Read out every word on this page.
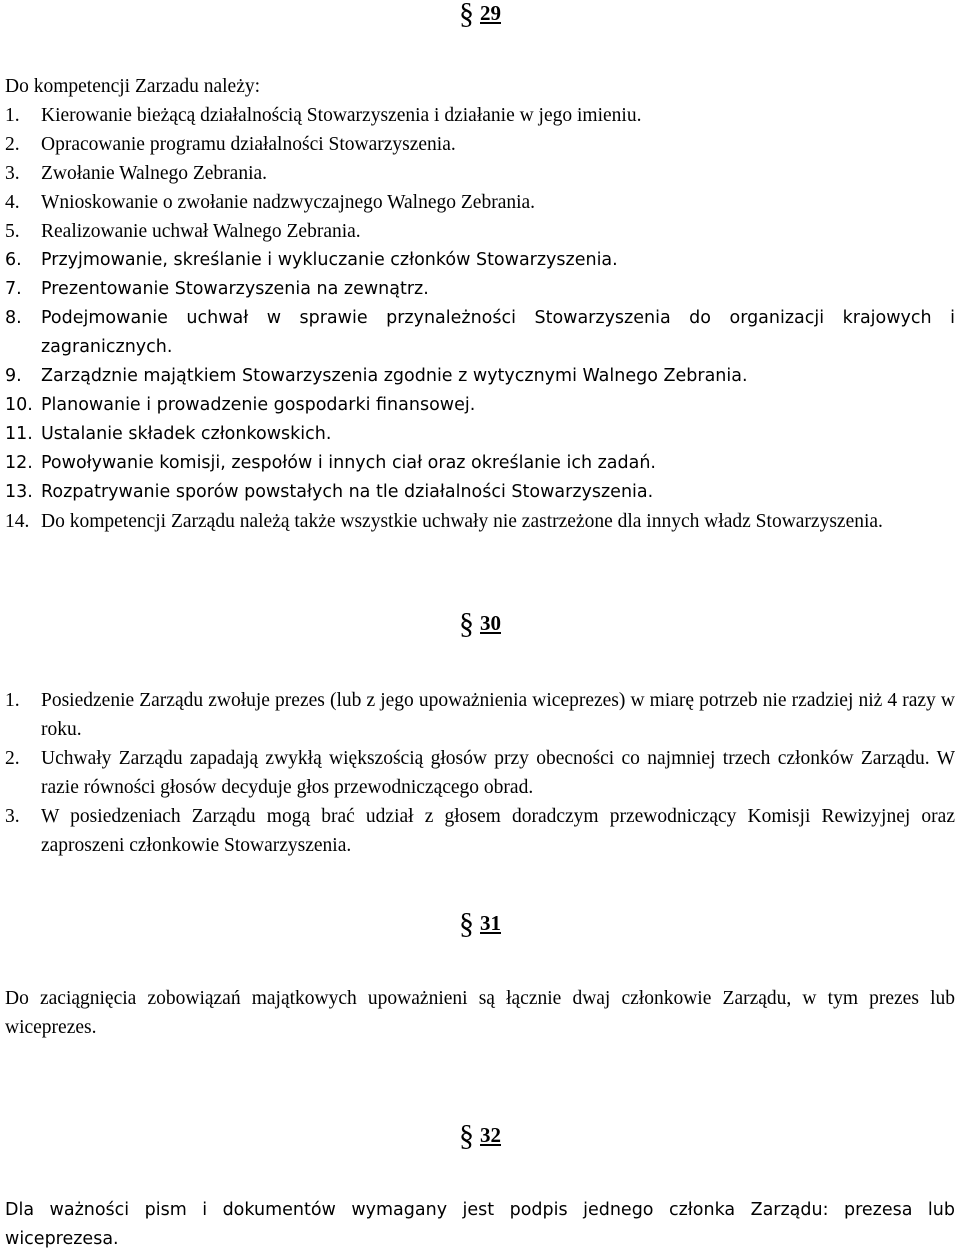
§ 29
Do kompetencji Zarzadu należy:
1.	Kierowanie bieżącą działalnością Stowarzyszenia i działanie w jego imieniu.
2.	Opracowanie programu działalności Stowarzyszenia.
3.	Zwołanie Walnego Zebrania.
4.	Wnioskowanie o zwołanie nadzwyczajnego Walnego Zebrania.
5.	Realizowanie uchwał Walnego Zebrania.
6.	Przyjmowanie, skreślanie i wykluczanie członków Stowarzyszenia.
7.	Prezentowanie Stowarzyszenia na zewnątrz.
8.	Podejmowanie uchwał w sprawie przynależności Stowarzyszenia do organizacji krajowych i zagranicznych.
9.	Zarządznie majątkiem Stowarzyszenia zgodnie z wytycznymi Walnego Zebrania.
10. Planowanie i prowadzenie gospodarki finansowej.
11. Ustalanie składek członkowskich.
12. Powoływanie komisji, zespołów i innych ciał oraz określanie ich zadań.
13. Rozpatrywanie sporów powstałych na tle działalności Stowarzyszenia.
14. Do kompetencji Zarządu należą także wszystkie uchwały nie zastrzeżone dla innych władz Stowarzyszenia.
§ 30
1.	Posiedzenie Zarządu zwołuje prezes (lub z jego upoważnienia wiceprezes) w miarę potrzeb nie rzadziej niż 4 razy w roku.
2.	Uchwały Zarządu zapadają zwykłą większością głosów przy obecności co najmniej trzech członków Zarządu. W razie równości głosów decyduje głos przewodniczącego obrad.
3.	W posiedzeniach Zarządu mogą brać udział z głosem doradczym przewodniczący Komisji Rewizyjnej oraz zaproszeni członkowie Stowarzyszenia.
§ 31
Do zaciągnięcia zobowiązań majątkowych upoważnieni są łącznie dwaj członkowie Zarządu, w tym prezes lub wiceprezes.
§ 32
Dla ważności pism i dokumentów wymagany jest podpis jednego członka Zarządu: prezesa lub wiceprezesa.
